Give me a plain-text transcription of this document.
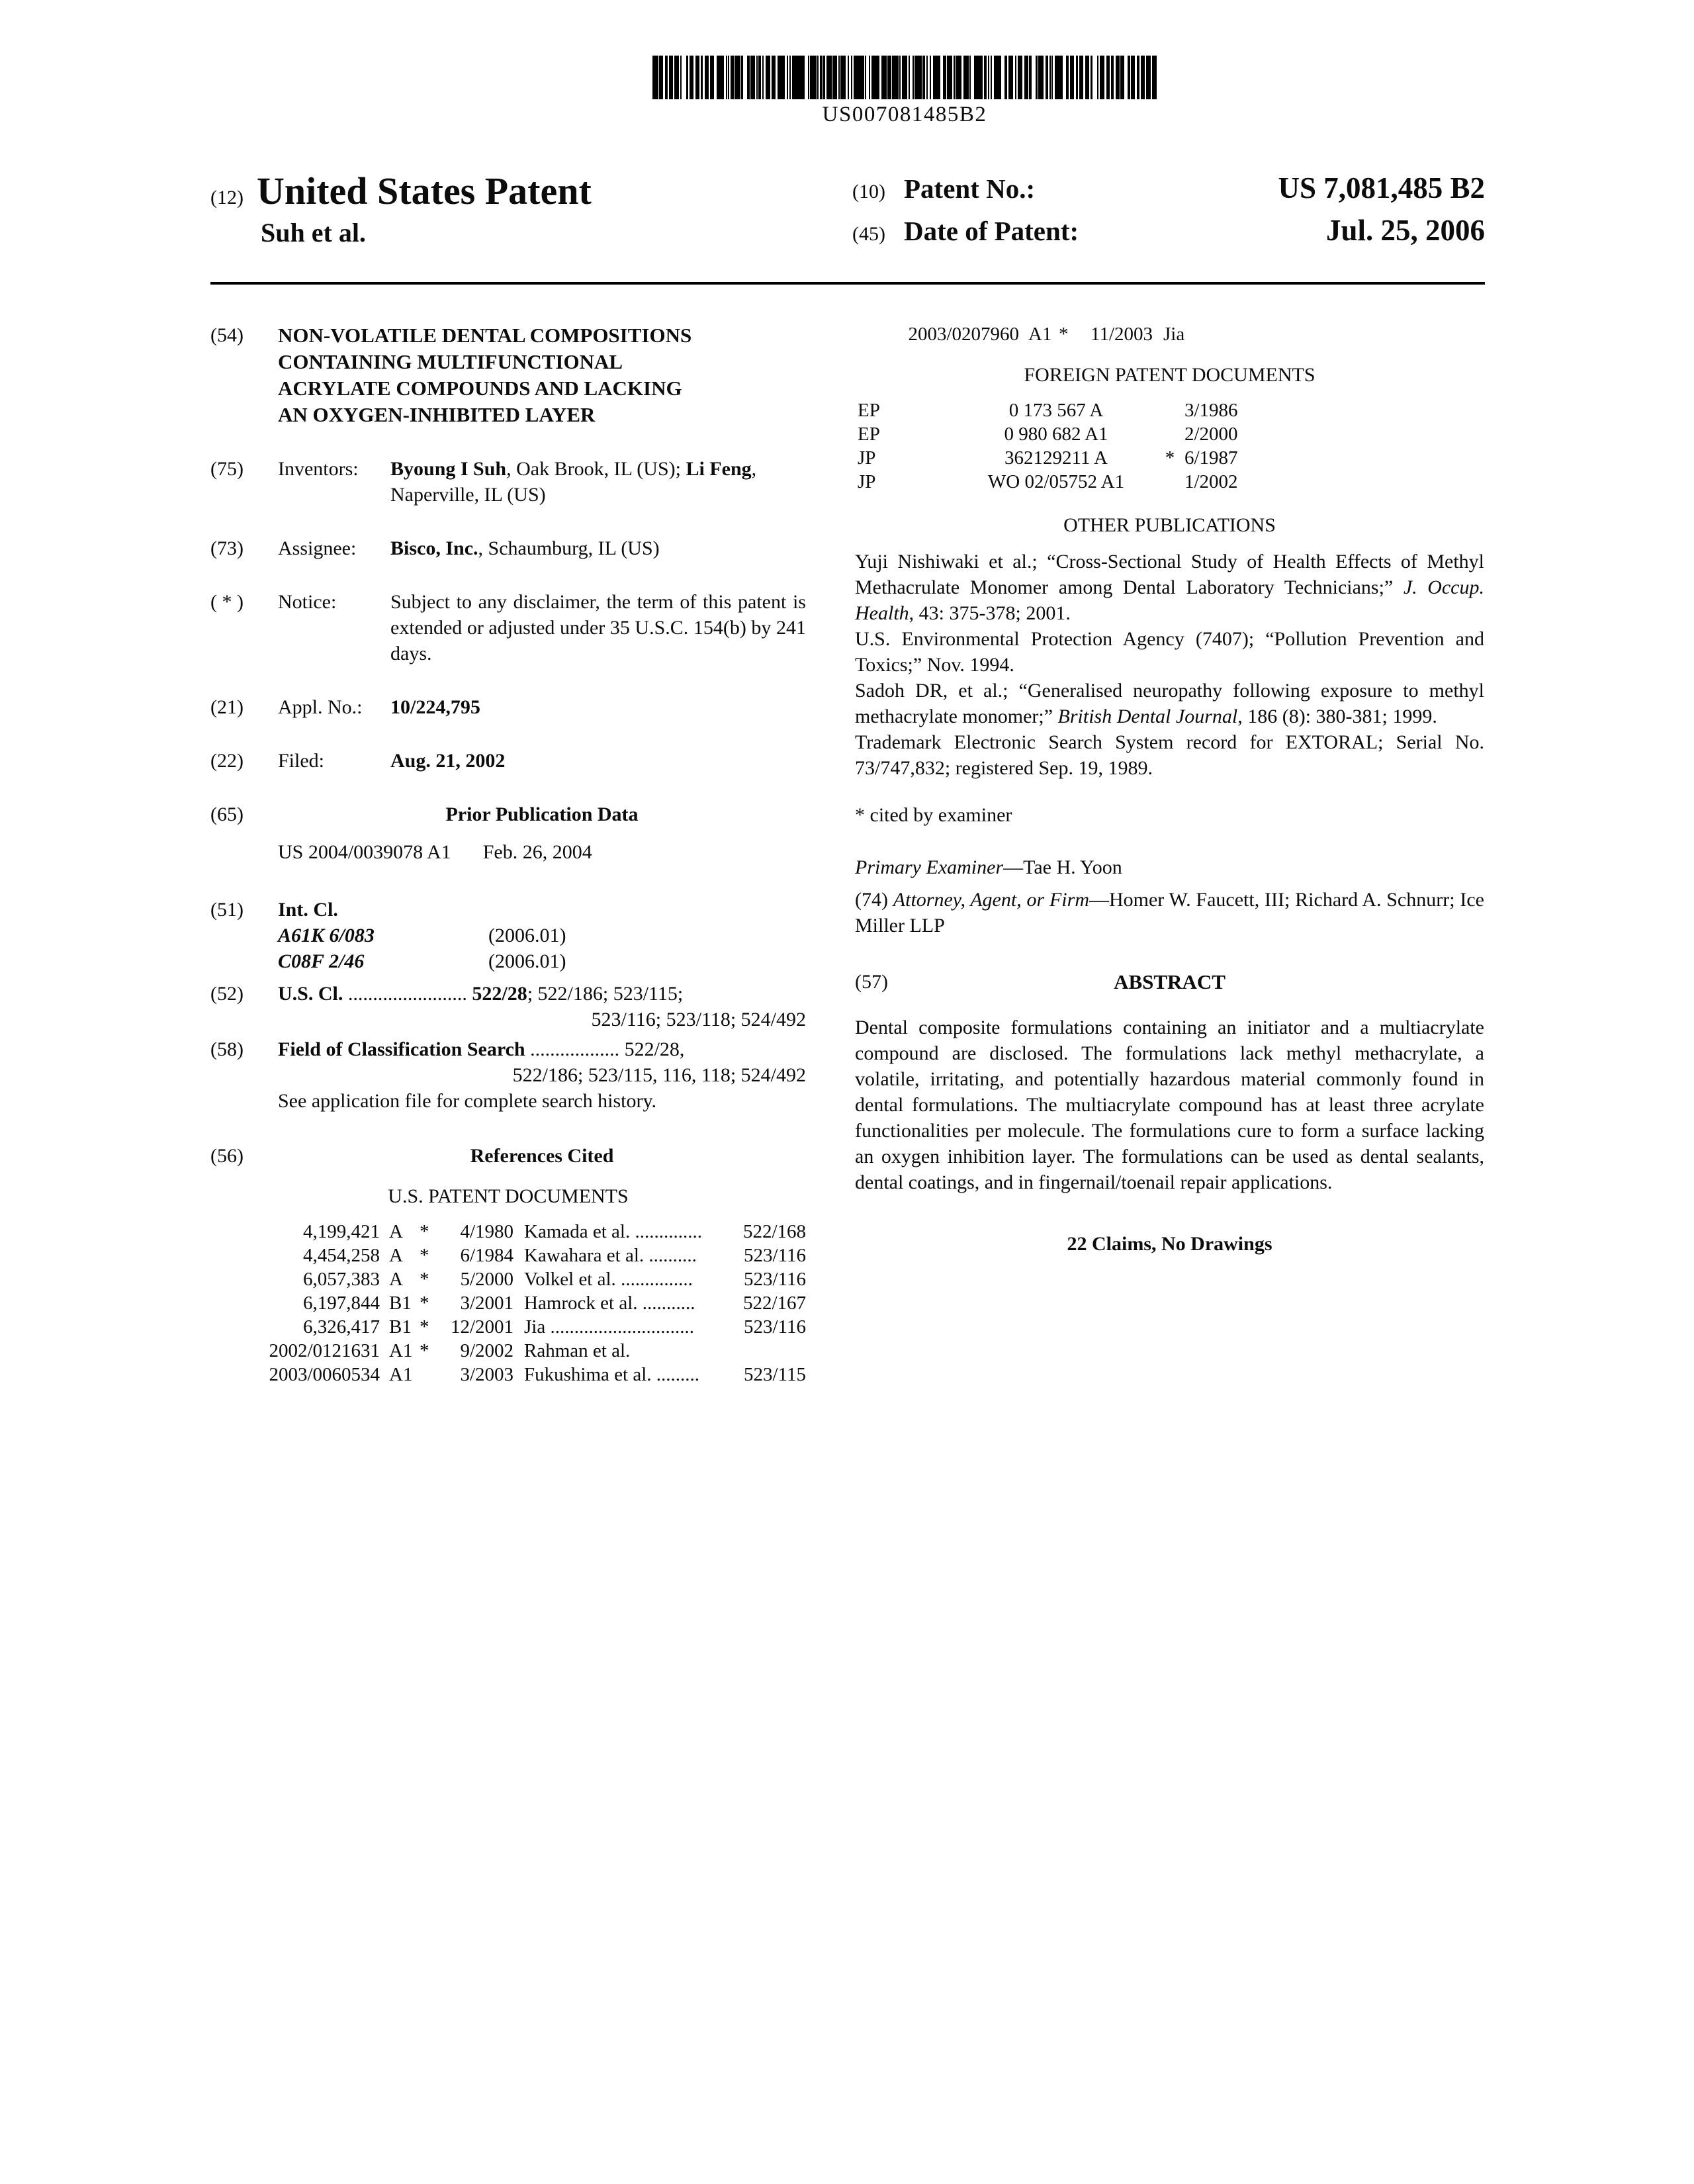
US007081485B2
(12) United States Patent
Suh et al.
(10) Patent No.:	US 7,081,485 B2
(45) Date of Patent:	Jul. 25, 2006
(54)	NON-VOLATILE DENTAL COMPOSITIONS CONTAINING MULTIFUNCTIONAL ACRYLATE COMPOUNDS AND LACKING AN OXYGEN-INHIBITED LAYER
(75)	Inventors:	Byoung I Suh, Oak Brook, IL (US); Li Feng, Naperville, IL (US)
(73)	Assignee:	Bisco, Inc., Schaumburg, IL (US)
( * )	Notice:	Subject to any disclaimer, the term of this patent is extended or adjusted under 35 U.S.C. 154(b) by 241 days.
(21)	Appl. No.:	10/224,795
(22)	Filed:	Aug. 21, 2002
(65)	Prior Publication Data
US 2004/0039078 A1 Feb. 26, 2004
(51)	Int. Cl.
A61K 6/083	(2006.01)
C08F 2/46	(2006.01)
(52)	U.S. Cl. ........................ 522/28; 522/186; 523/115;
523/116; 523/118; 524/492
(58)	Field of Classification Search .................. 522/28,
522/186; 523/115, 116, 118; 524/492
See application file for complete search history.
(56)	References Cited
U.S. PATENT DOCUMENTS
4,199,421 A *	4/1980 Kamada et al. ..............	522/168
4,454,258 A *	6/1984 Kawahara et al. ..........	523/116
6,057,383 A *	5/2000 Volkel et al. ...............	523/116
6,197,844 B1 *	3/2001 Hamrock et al. ...........	522/167
6,326,417 B1 *	12/2001 Jia ..............................	523/116
2002/0121631 A1 *	9/2002 Rahman et al.
2003/0060534 A1	3/2003 Fukushima et al. .........	523/115
2003/0207960 A1 *	11/2003 Jia
FOREIGN PATENT DOCUMENTS
EP	0 173 567 A	3/1986
EP	0 980 682 A1	2/2000
JP	362129211 A	* 6/1987
JP	WO 02/05752 A1	1/2002
OTHER PUBLICATIONS

Yuji Nishiwaki et al.; “Cross-Sectional Study of Health Effects of Methyl Methacrulate Monomer among Dental Laboratory Technicians;” J. Occup. Health, 43: 375-378; 2001.

U.S. Environmental Protection Agency (7407); “Pollution Prevention and Toxics;” Nov. 1994.

Sadoh DR, et al.; “Generalised neuropathy following exposure to methyl methacrylate monomer;” British Dental Journal, 186 (8): 380-381; 1999.

Trademark Electronic Search System record for EXTORAL; Serial No. 73/747,832; registered Sep. 19, 1989.

* cited by examiner
Primary Examiner—Tae H. Yoon

(74) Attorney, Agent, or Firm—Homer W. Faucett, III; Richard A. Schnurr; Ice Miller LLP

(57)	ABSTRACT
Dental composite formulations containing an initiator and a multiacrylate compound are disclosed. The formulations lack methyl methacrylate, a volatile, irritating, and potentially hazardous material commonly found in dental formulations. The multiacrylate compound has at least three acrylate functionalities per molecule. The formulations cure to form a surface lacking an oxygen inhibition layer. The formulations can be used as dental sealants, dental coatings, and in fingernail/toenail repair applications.
22 Claims, No Drawings
